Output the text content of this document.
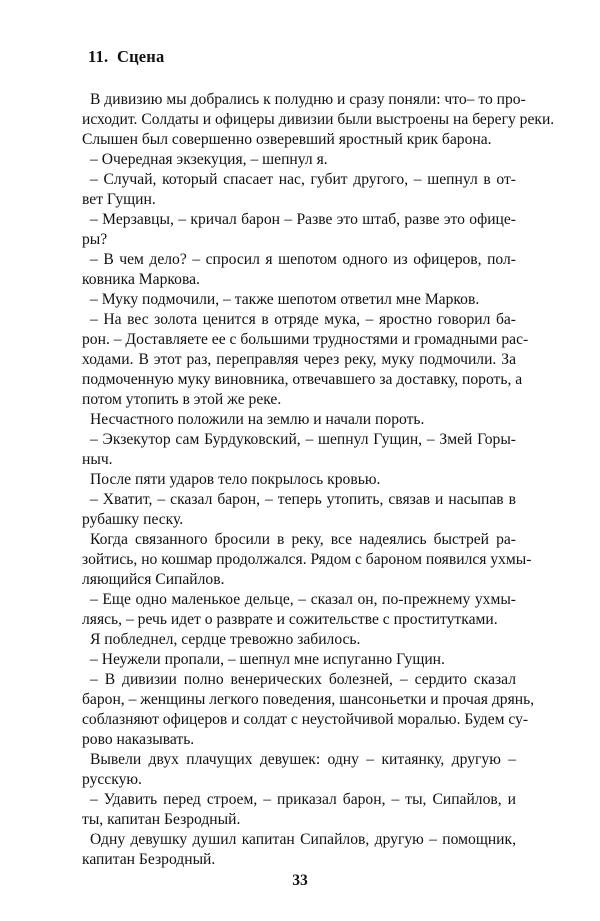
11.  Сцена
В дивизию мы добрались к полудню и сразу поняли: что– то про-
исходит. Солдаты и офицеры дивизии были выстроены на берегу реки.
Слышен был совершенно озверевший яростный крик барона.
– Очередная экзекуция, – шепнул я.
– Случай, который спасает нас, губит другого, – шепнул в от-
вет Гущин.
– Мерзавцы, – кричал барон – Разве это штаб, разве это офице-
ры?
– В чем дело? – спросил я шепотом одного из офицеров, пол-
ковника Маркова.
– Муку подмочили, – также шепотом ответил мне Марков.
– На вес золота ценится в отряде мука, – яростно говорил ба-
рон. – Доставляете ее с большими трудностями и громадными рас-
ходами. В этот раз, переправляя через реку, муку подмочили. За
подмоченную муку виновника, отвечавшего за доставку, пороть, а
потом утопить в этой же реке.
Несчастного положили на землю и начали пороть.
– Экзекутор сам Бурдуковский, – шепнул Гущин, – Змей Горы-
ныч.
После пяти ударов тело покрылось кровью.
– Хватит, – сказал барон, – теперь утопить, связав и насыпав в
рубашку песку.
Когда связанного бросили в реку, все надеялись быстрей ра-
зойтись, но кошмар продолжался. Рядом с бароном появился ухмы-
ляющийся Сипайлов.
– Еще одно маленькое дельце, – сказал он, по-прежнему ухмы-
ляясь, – речь идет о разврате и сожительстве с проститутками.
Я побледнел, сердце тревожно забилось.
– Неужели пропали, – шепнул мне испуганно Гущин.
– В дивизии полно венерических болезней, – сердито сказал
барон, – женщины легкого поведения, шансоньетки и прочая дрянь,
соблазняют офицеров и солдат с неустойчивой моралью. Будем су-
рово наказывать.
Вывели двух плачущих девушек: одну – китаянку, другую –
русскую.
– Удавить перед строем, – приказал барон, – ты, Сипайлов, и
ты, капитан Безродный.
Одну девушку душил капитан Сипайлов, другую – помощник,
капитан Безродный.
33
